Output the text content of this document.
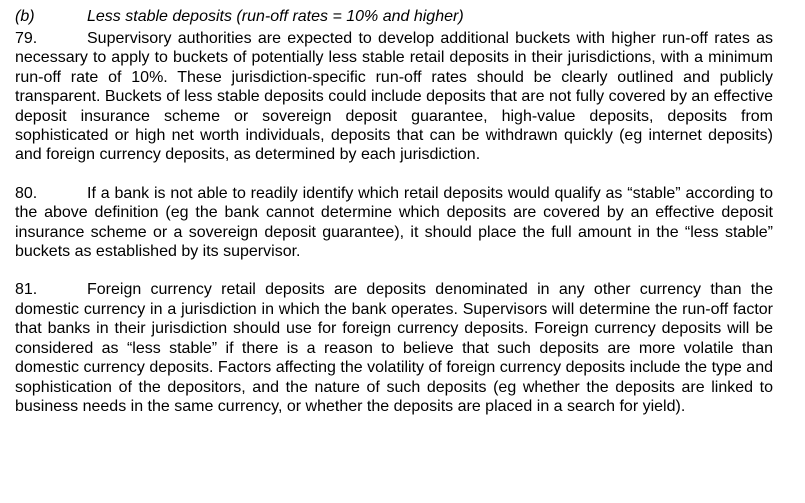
(b)	Less stable deposits (run-off rates = 10% and higher)

79.	Supervisory authorities are expected to develop additional buckets with higher run-off rates as necessary to apply to buckets of potentially less stable retail deposits in their jurisdictions, with a minimum run-off rate of 10%. These jurisdiction-specific run-off rates should be clearly outlined and publicly transparent. Buckets of less stable deposits could include deposits that are not fully covered by an effective deposit insurance scheme or sovereign deposit guarantee, high-value deposits, deposits from sophisticated or high net worth individuals, deposits that can be withdrawn quickly (eg internet deposits) and foreign currency deposits, as determined by each jurisdiction.

80.	If a bank is not able to readily identify which retail deposits would qualify as “stable” according to the above definition (eg the bank cannot determine which deposits are covered by an effective deposit insurance scheme or a sovereign deposit guarantee), it should place the full amount in the “less stable” buckets as established by its supervisor.

81.	Foreign currency retail deposits are deposits denominated in any other currency than the domestic currency in a jurisdiction in which the bank operates. Supervisors will determine the run-off factor that banks in their jurisdiction should use for foreign currency deposits. Foreign currency deposits will be considered as “less stable” if there is a reason to believe that such deposits are more volatile than domestic currency deposits. Factors affecting the volatility of foreign currency deposits include the type and sophistication of the depositors, and the nature of such deposits (eg whether the deposits are linked to business needs in the same currency, or whether the deposits are placed in a search for yield).
